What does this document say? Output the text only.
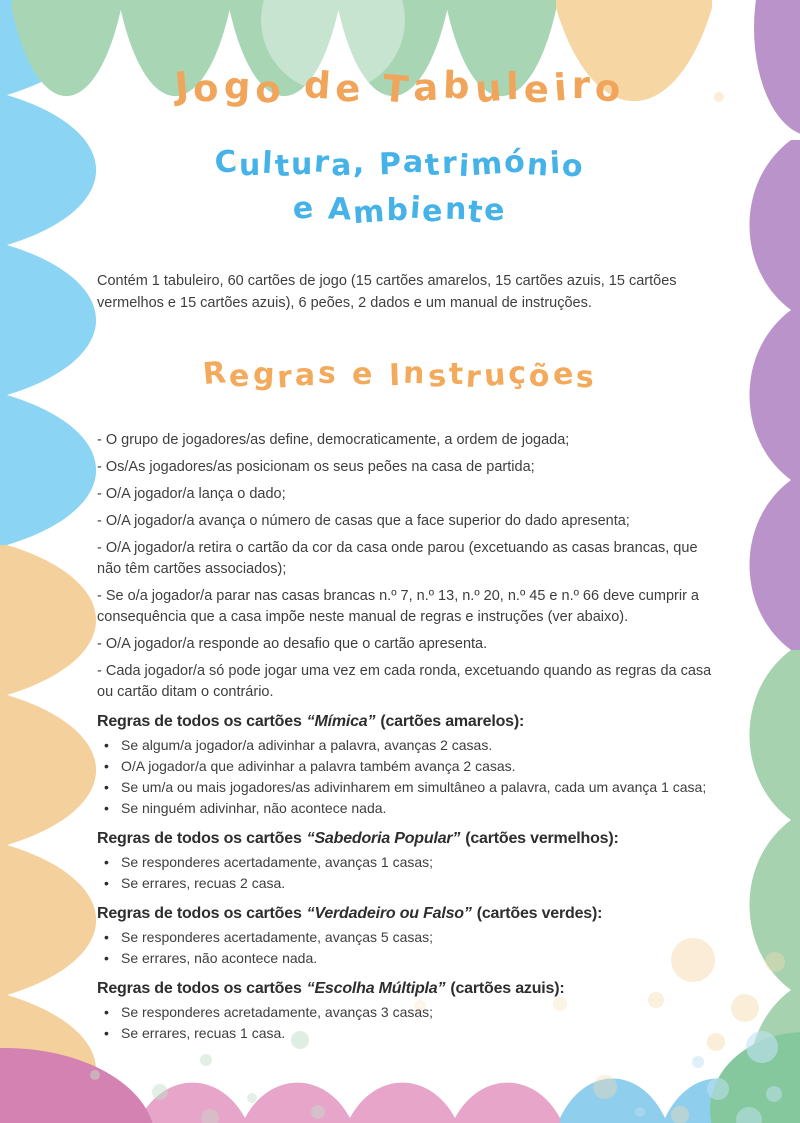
Jogo de Tabuleiro
Cultura, Património
e Ambiente

Contém 1 tabuleiro, 60 cartões de jogo (15 cartões amarelos, 15 cartões azuis, 15 cartões vermelhos e 15 cartões azuis), 6 peões, 2 dados e um manual de instruções.

Regras e Instruções
- O grupo de jogadores/as define, democraticamente, a ordem de jogada;
- Os/As jogadores/as posicionam os seus peões na casa de partida;
- O/A jogador/a lança o dado;
- O/A jogador/a avança o número de casas que a face superior do dado apresenta;
- O/A jogador/a retira o cartão da cor da casa onde parou (excetuando as casas brancas, que não têm cartões associados);
- Se o/a jogador/a parar nas casas brancas n.º 7, n.º 13, n.º 20, n.º 45 e n.º 66 deve cumprir a consequência que a casa impõe neste manual de regras e instruções (ver abaixo).
- O/A jogador/a responde ao desafio que o cartão apresenta.
- Cada jogador/a só pode jogar uma vez em cada ronda, excetuando quando as regras da casa ou cartão ditam o contrário.
Regras de todos os cartões “Mímica” (cartões amarelos):
• Se algum/a jogador/a adivinhar a palavra, avanças 2 casas.
• O/A jogador/a que adivinhar a palavra também avança 2 casas.
• Se um/a ou mais jogadores/as adivinharem em simultâneo a palavra, cada um avança 1 casa;
• Se ninguém adivinhar, não acontece nada.
Regras de todos os cartões “Sabedoria Popular” (cartões vermelhos):
• Se responderes acertadamente, avanças 1 casas;
• Se errares, recuas 2 casa.
Regras de todos os cartões “Verdadeiro ou Falso” (cartões verdes):
• Se responderes acertadamente, avanças 5 casas;
• Se errares, não acontece nada.
Regras de todos os cartões “Escolha Múltipla” (cartões azuis):
• Se responderes acretadamente, avanças 3 casas;
• Se errares, recuas 1 casa.
